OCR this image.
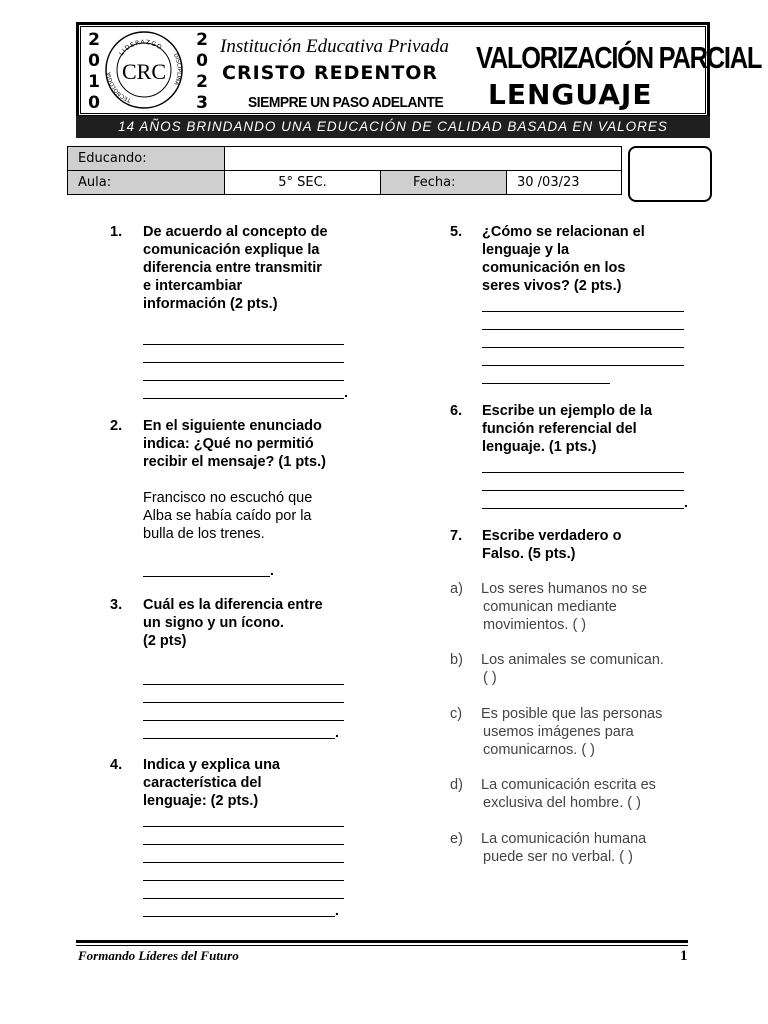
2
0
1
0
2
0
2
3
LIDERAZGO
TECNOLOGÍA
DISCIPLINA
CRC
Institución Educativa Privada
CRISTO REDENTOR
SIEMPRE UN PASO ADELANTE
VALORIZACIÓN PARCIAL
LENGUAJE
14 AÑOS BRINDANDO UNA EDUCACIÓN DE CALIDAD BASADA EN VALORES
Educando:			
Aula:	5° SEC.	Fecha:	30 /03/23
1. De acuerdo al concepto de
comunicación explique la
diferencia entre transmitir
e intercambiar
información (2 pts.)
.
2. En el siguiente enunciado
indica: ¿Qué no permitió
recibir el mensaje? (1 pts.)
Francisco no escuchó que
Alba se había caído por la
bulla de los trenes.
.
3. Cuál es la diferencia entre
un signo y un ícono.
(2 pts)
.
4. Indica y explica una
característica del
lenguaje: (2 pts.)
.
5. ¿Cómo se relacionan el
lenguaje y la
comunicación en los
seres vivos? (2 pts.)
6. Escribe un ejemplo de la
función referencial del
lenguaje. (1 pts.)
.
7. Escribe verdadero o
Falso. (5 pts.)
a) Los seres humanos no se
comunican mediante
movimientos. ( )
b) Los animales se comunican.
( )
c) Es posible que las personas
usemos imágenes para
comunicarnos. ( )
d) La comunicación escrita es
exclusiva del hombre. ( )
e) La comunicación humana
puede ser no verbal. ( )
Formando Líderes del Futuro	1
